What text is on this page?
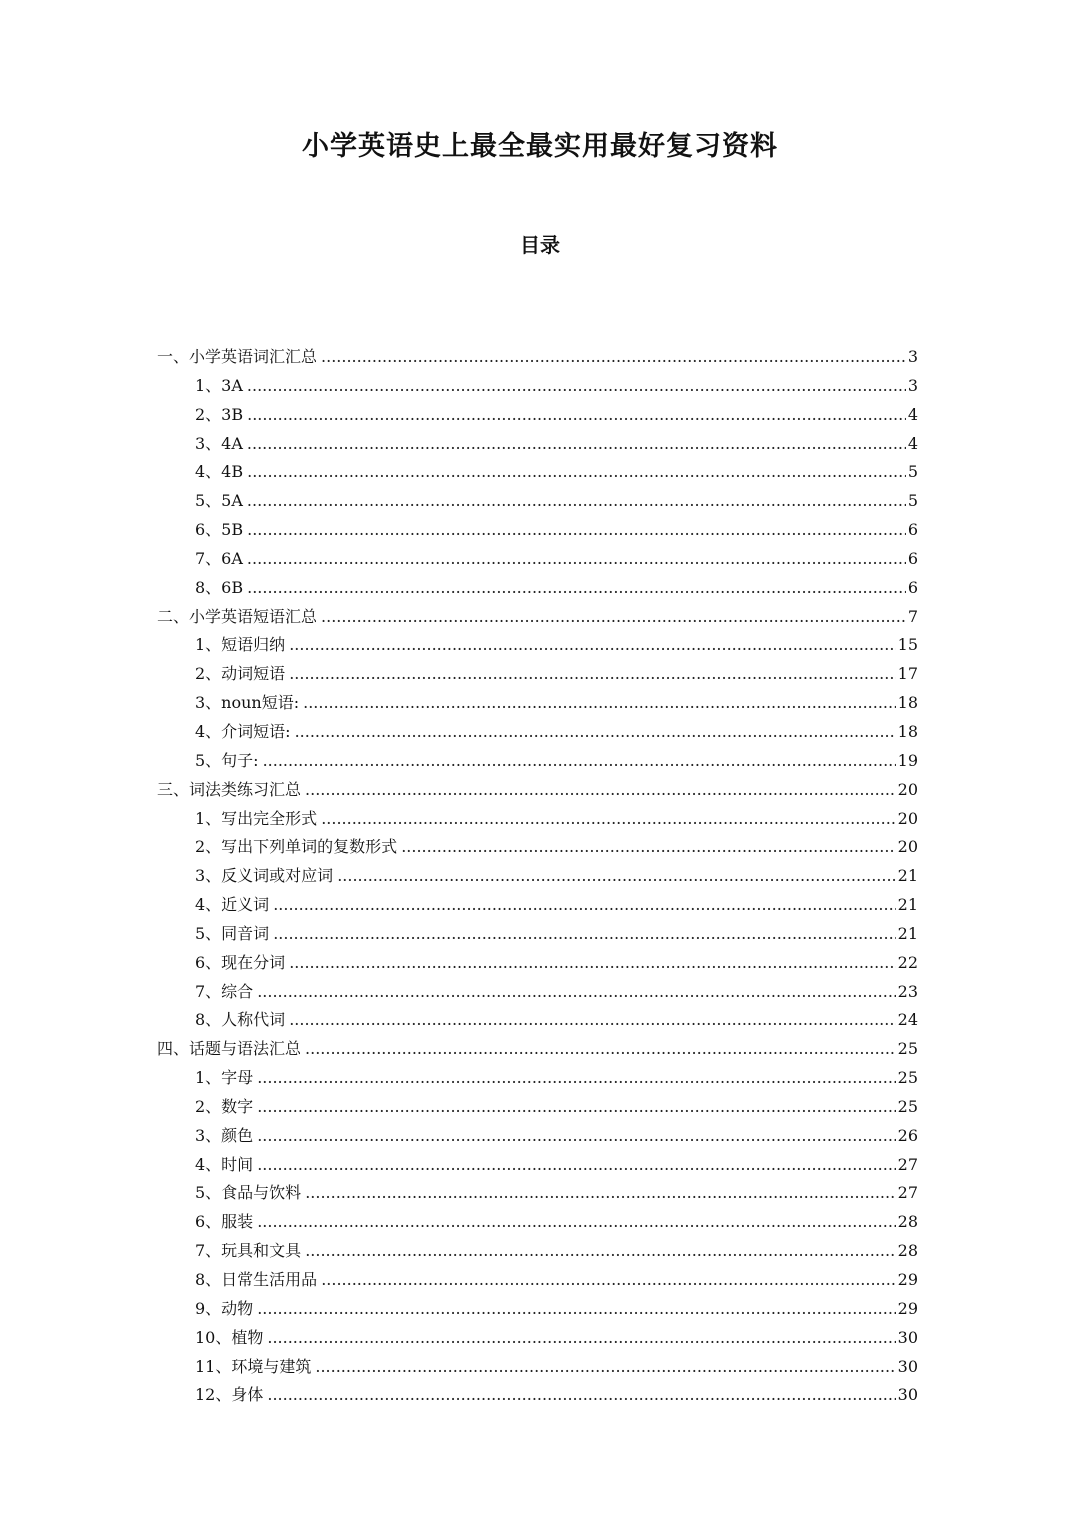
小学英语史上最全最实用最好复习资料
目录
一、小学英语词汇汇总 .....	3
1、3A .....	3
2、3B .....	4
3、4A .....	4
4、4B .....	5
5、5A .....	5
6、5B .....	6
7、6A .....	6
8、6B .....	6
二、小学英语短语汇总 .....	7
1、短语归纳 .....	15
2、动词短语 .....	17
3、noun短语: .....	18
4、介词短语: .....	18
5、句子: .....	19
三、词法类练习汇总 .....	20
1、写出完全形式 .....	20
2、写出下列单词的复数形式 .....	20
3、反义词或对应词 .....	21
4、近义词 .....	21
5、同音词 .....	21
6、现在分词 .....	22
7、综合 .....	23
8、人称代词 .....	24
四、话题与语法汇总 .....	25
1、字母 .....	25
2、数字 .....	25
3、颜色 .....	26
4、时间 .....	27
5、食品与饮料 .....	27
6、服装 .....	28
7、玩具和文具 .....	28
8、日常生活用品 .....	29
9、动物 .....	29
10、植物 .....	30
11、环境与建筑 .....	30
12、身体 .....	30
